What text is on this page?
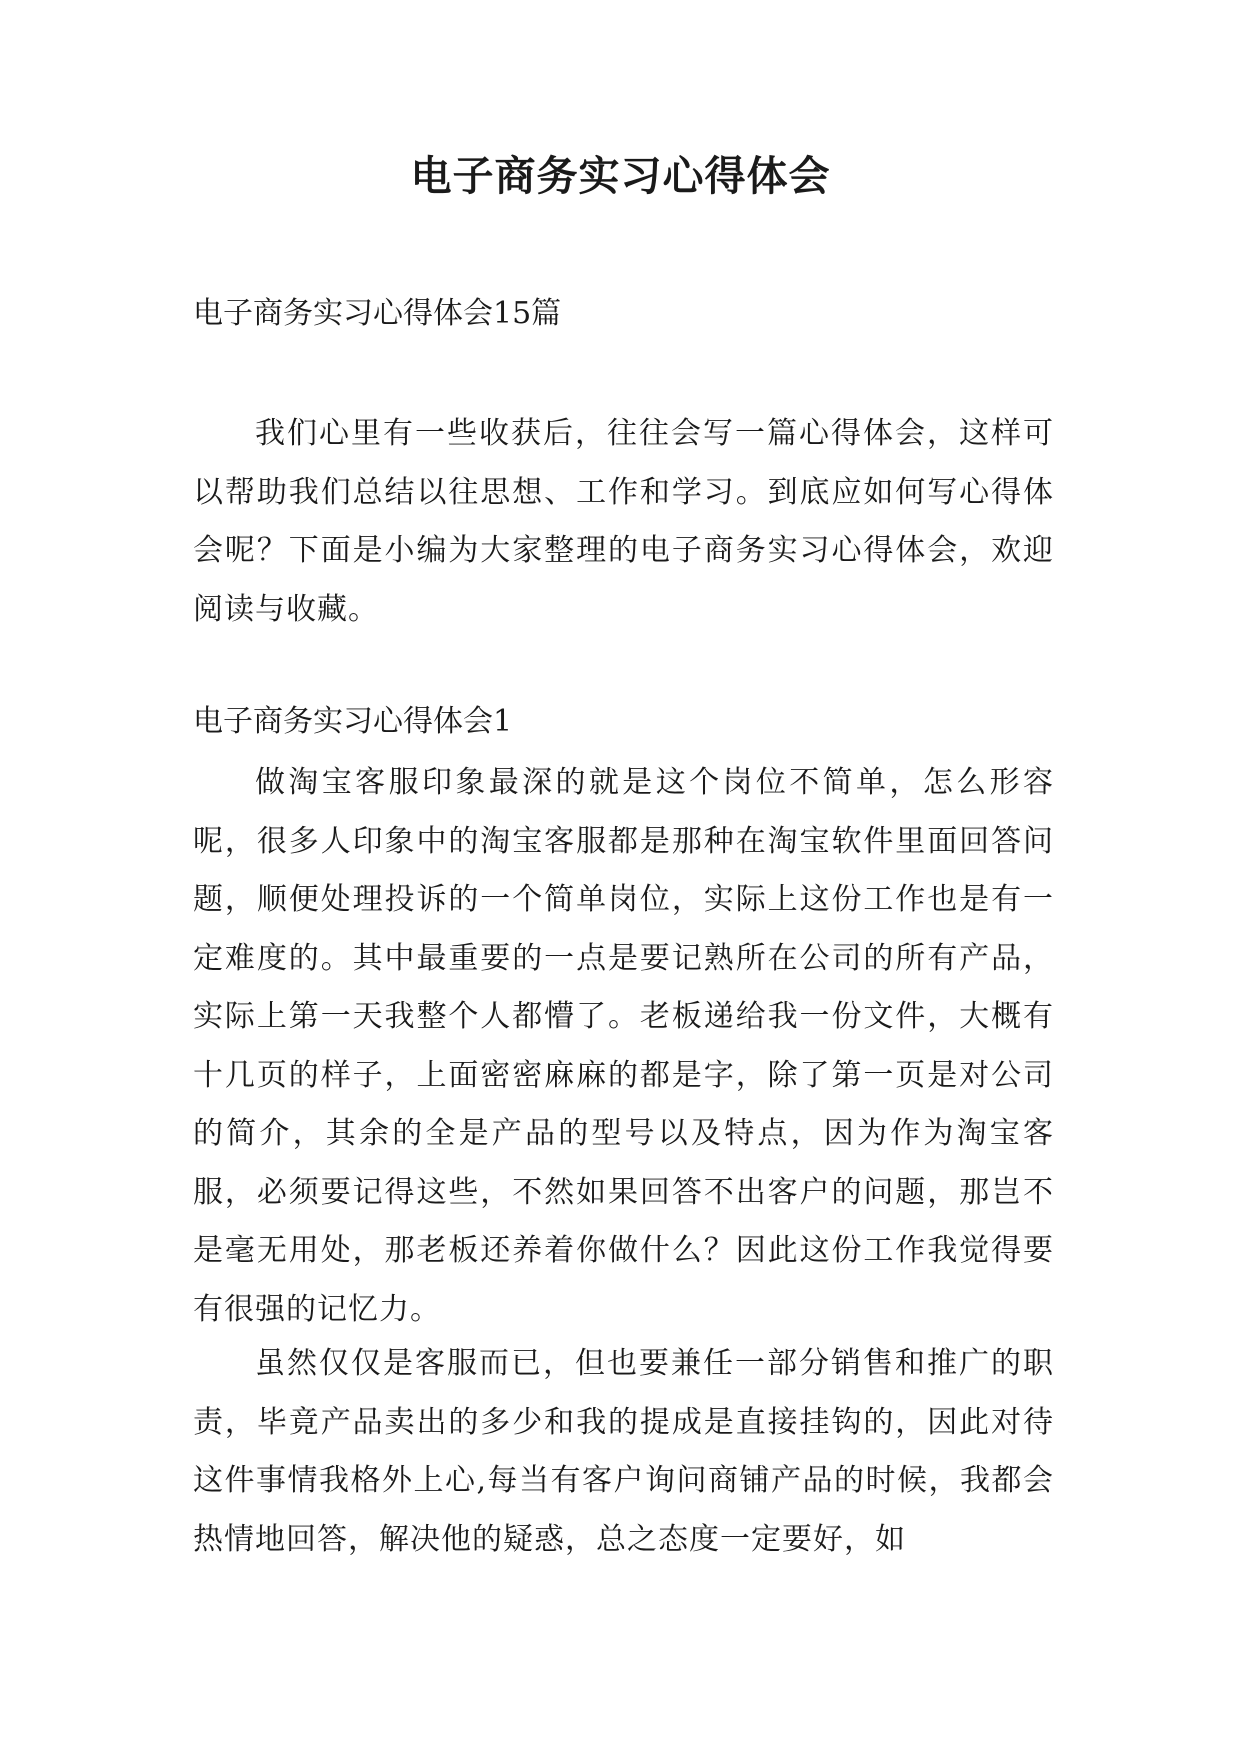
电子商务实习心得体会

电子商务实习心得体会15篇

我们心里有一些收获后，往往会写一篇心得体会，这样可以帮助我们总结以往思想、工作和学习。到底应如何写心得体会呢？下面是小编为大家整理的电子商务实习心得体会，欢迎阅读与收藏。

电子商务实习心得体会1

做淘宝客服印象最深的就是这个岗位不简单，怎么形容呢，很多人印象中的淘宝客服都是那种在淘宝软件里面回答问题，顺便处理投诉的一个简单岗位，实际上这份工作也是有一定难度的。其中最重要的一点是要记熟所在公司的所有产品，实际上第一天我整个人都懵了。老板递给我一份文件，大概有十几页的样子，上面密密麻麻的都是字，除了第一页是对公司的简介，其余的全是产品的型号以及特点，因为作为淘宝客服，必须要记得这些，不然如果回答不出客户的问题，那岂不是毫无用处，那老板还养着你做什么？因此这份工作我觉得要有很强的记忆力。

虽然仅仅是客服而已，但也要兼任一部分销售和推广的职责，毕竟产品卖出的多少和我的提成是直接挂钩的，因此对待这件事情我格外上心,每当有客户询问商铺产品的时候，我都会热情地回答，解决他的疑惑，总之态度一定要好，如
